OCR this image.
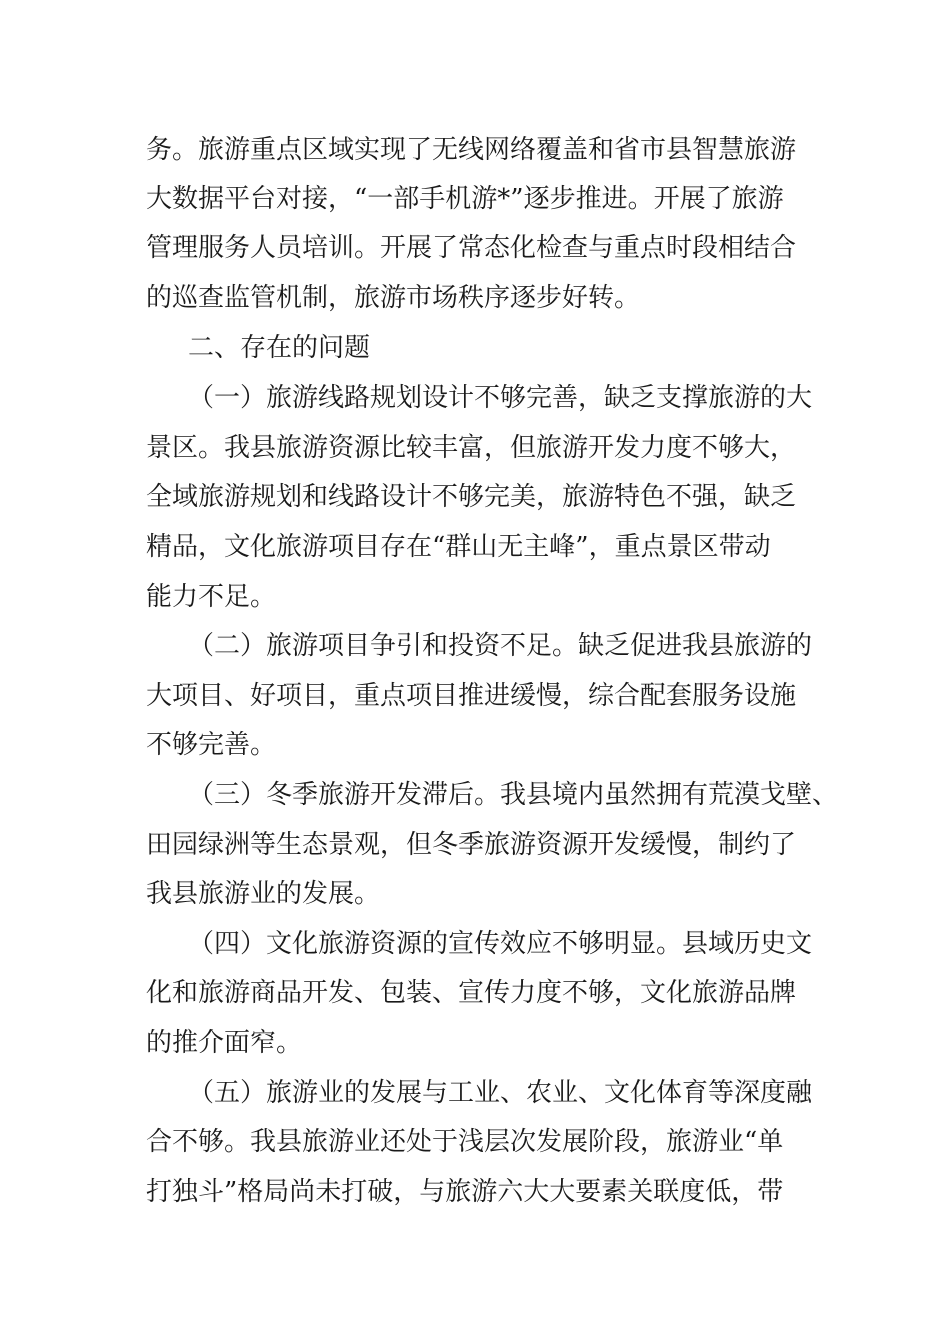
务。旅游重点区域实现了无线网络覆盖和省市县智慧旅游
大数据平台对接，“一部手机游*”逐步推进。开展了旅游
管理服务人员培训。开展了常态化检查与重点时段相结合
的巡查监管机制，旅游市场秩序逐步好转。
二、存在的问题
（一）旅游线路规划设计不够完善，缺乏支撑旅游的大
景区。我县旅游资源比较丰富，但旅游开发力度不够大，
全域旅游规划和线路设计不够完美，旅游特色不强，缺乏
精品，文化旅游项目存在“群山无主峰”，重点景区带动
能力不足。
（二）旅游项目争引和投资不足。缺乏促进我县旅游的
大项目、好项目，重点项目推进缓慢，综合配套服务设施
不够完善。
（三）冬季旅游开发滞后。我县境内虽然拥有荒漠戈壁、
田园绿洲等生态景观，但冬季旅游资源开发缓慢，制约了
我县旅游业的发展。
（四）文化旅游资源的宣传效应不够明显。县域历史文
化和旅游商品开发、包装、宣传力度不够，文化旅游品牌
的推介面窄。
（五）旅游业的发展与工业、农业、文化体育等深度融
合不够。我县旅游业还处于浅层次发展阶段，旅游业“单
打独斗”格局尚未打破，与旅游六大大要素关联度低，带
